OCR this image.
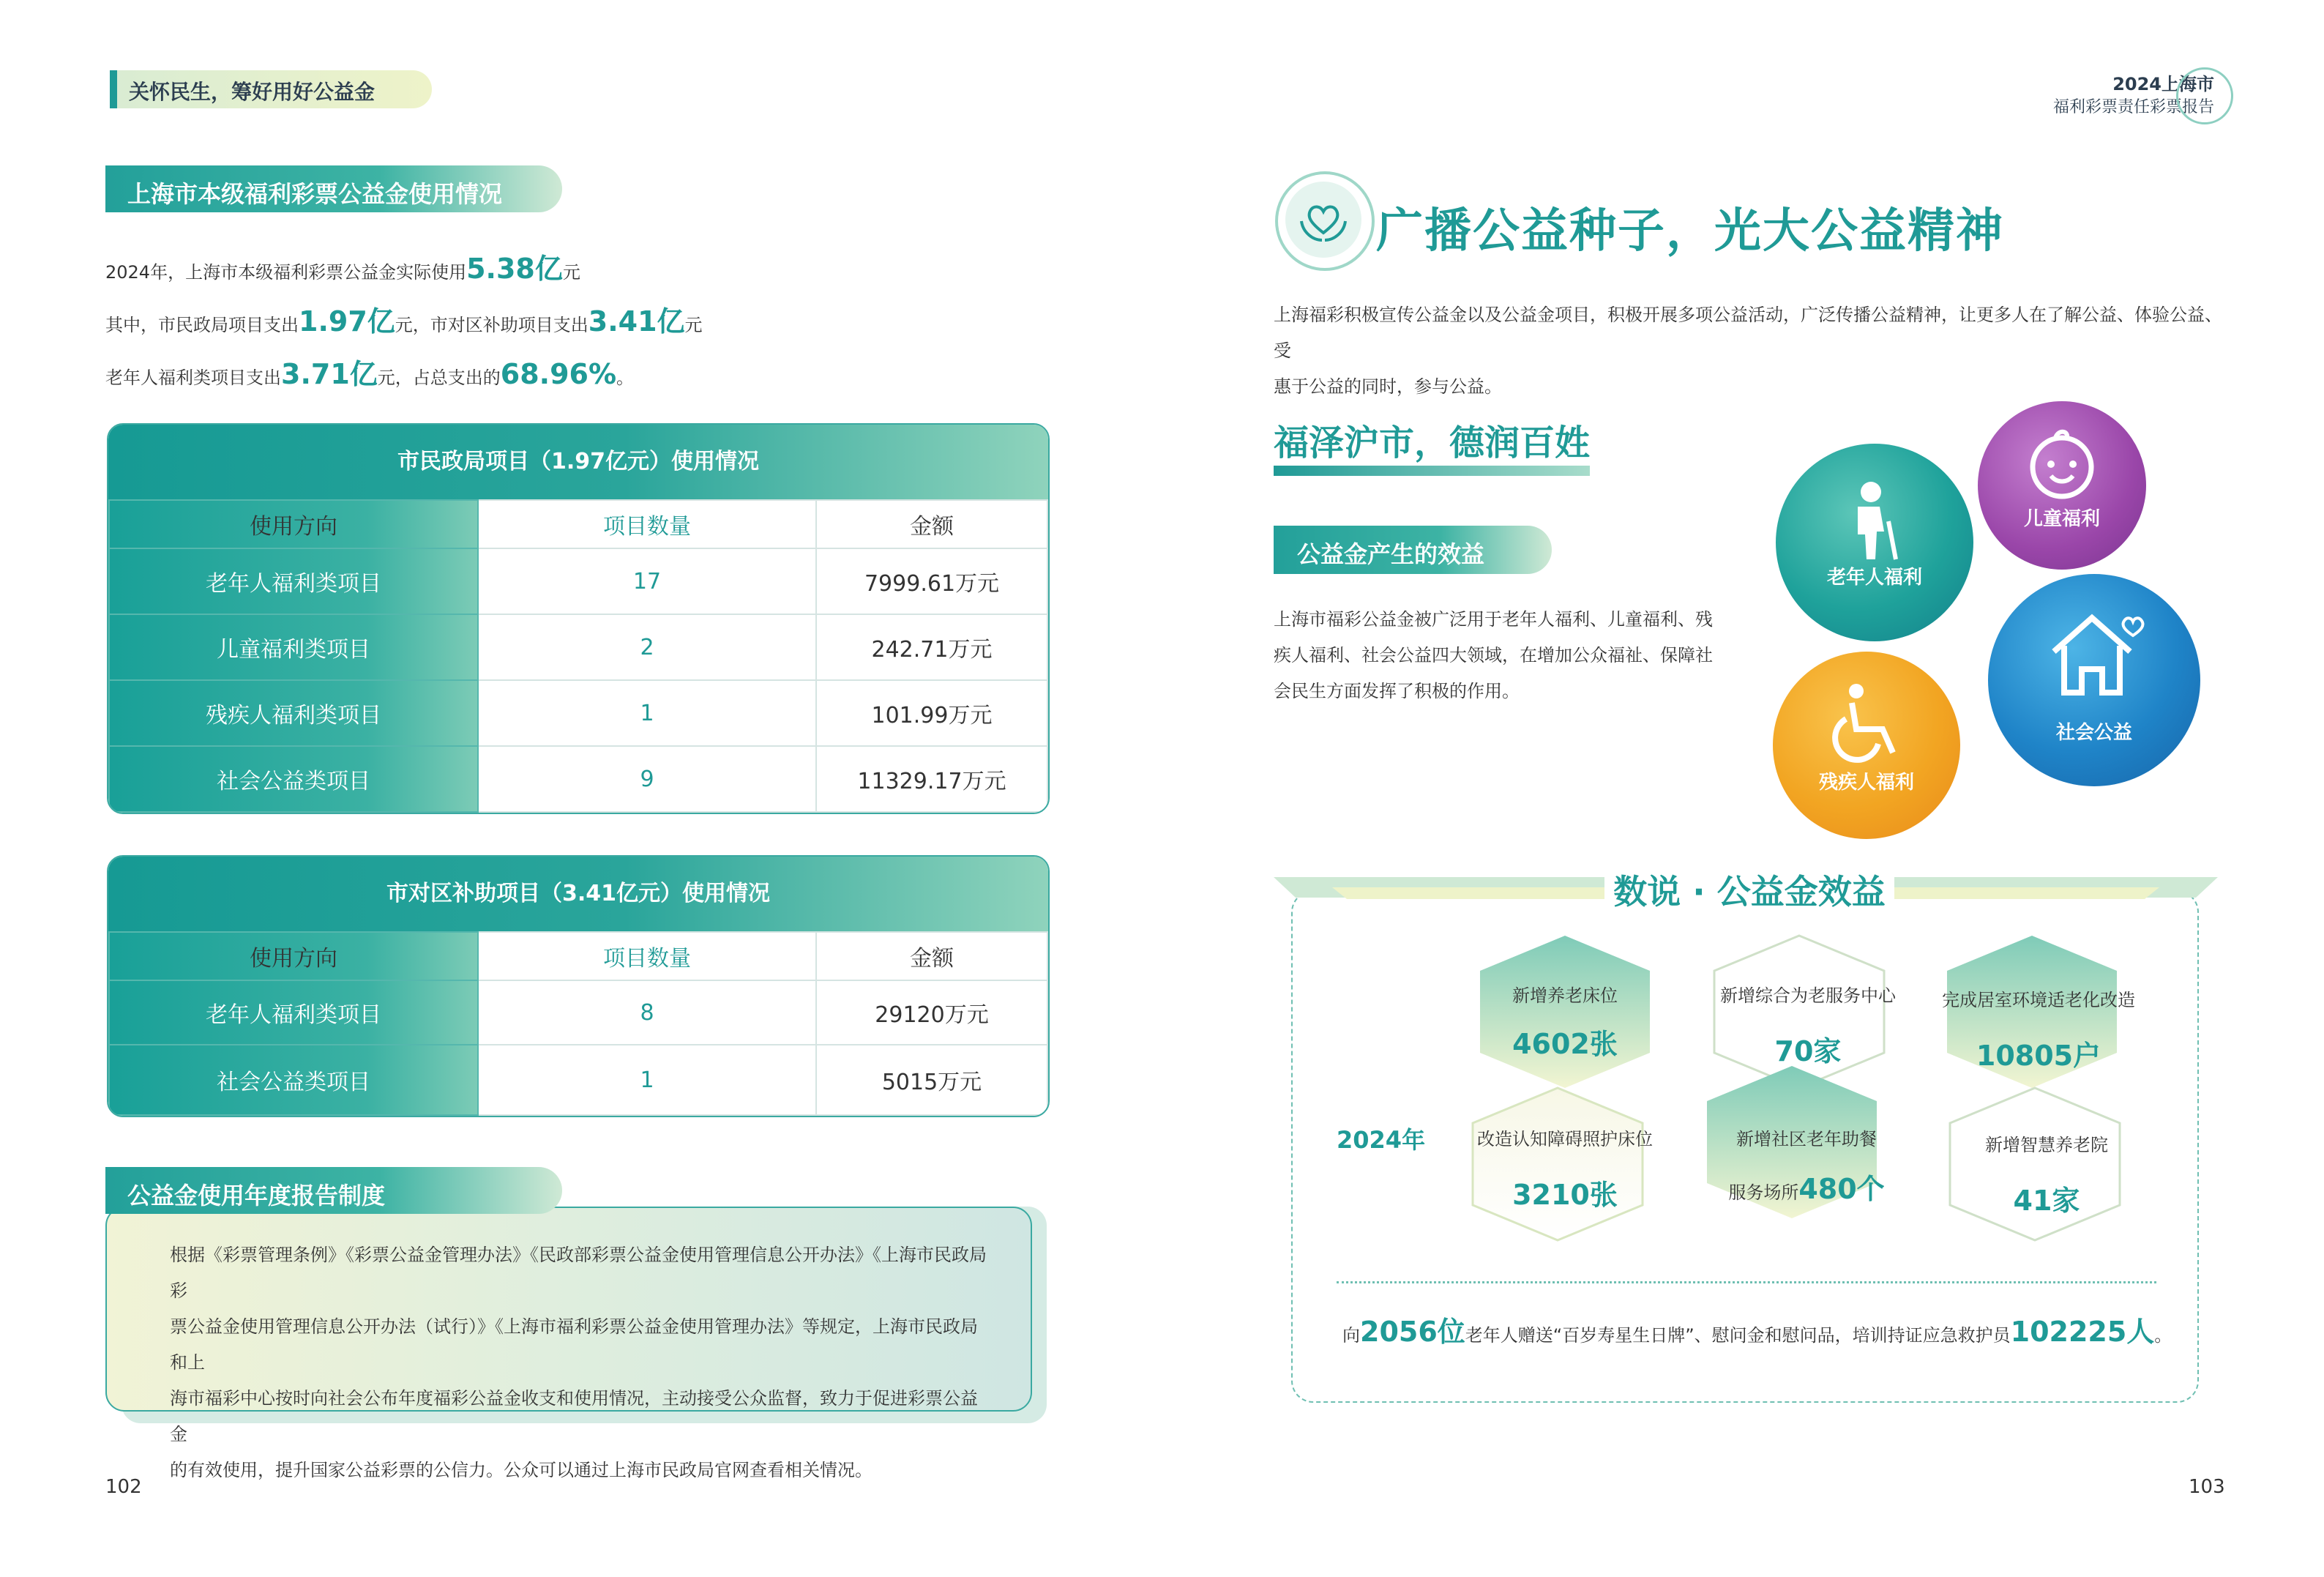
关怀民生，筹好用好公益金
上海市本级福利彩票公益金使用情况
2024年，上海市本级福利彩票公益金实际使用5.38亿元
其中，市民政局项目支出1.97亿元，市对区补助项目支出3.41亿元
老年人福利类项目支出3.71亿元，占总支出的68.96%。
市民政局项目（1.97亿元）使用情况
使用方向	项目数量	金额
老年人福利类项目	17	7999.61万元
儿童福利类项目	2	242.71万元
残疾人福利类项目	1	101.99万元
社会公益类项目	9	11329.17万元
市对区补助项目（3.41亿元）使用情况
使用方向	项目数量	金额
老年人福利类项目	8	29120万元
社会公益类项目	1	5015万元
公益金使用年度报告制度
根据《彩票管理条例》《彩票公益金管理办法》《民政部彩票公益金使用管理信息公开办法》《上海市民政局彩
票公益金使用管理信息公开办法（试行）》《上海市福利彩票公益金使用管理办法》等规定，上海市民政局和上
海市福彩中心按时向社会公布年度福彩公益金收支和使用情况，主动接受公众监督，致力于促进彩票公益金
的有效使用，提升国家公益彩票的公信力。公众可以通过上海市民政局官网查看相关情况。
102
2024上海市
福利彩票责任彩票报告
广播公益种子，光大公益精神
上海福彩积极宣传公益金以及公益金项目，积极开展多项公益活动，广泛传播公益精神，让更多人在了解公益、体验公益、受
惠于公益的同时，参与公益。
福泽沪市，德润百姓
公益金产生的效益
上海市福彩公益金被广泛用于老年人福利、儿童福利、残
疾人福利、社会公益四大领域，在增加公众福祉、保障社
会民生方面发挥了积极的作用。
老年人福利
儿童福利
残疾人福利
社会公益
数说 · 公益金效益
2024年
新增养老床位
4602张
新增综合为老服务中心
70家
完成居室环境适老化改造
10805户
改造认知障碍照护床位
3210张
新增社区老年助餐
服务场所480个
新增智慧养老院
41家
向2056位老年人赠送“百岁寿星生日牌”、慰问金和慰问品，培训持证应急救护员102225人。
103
